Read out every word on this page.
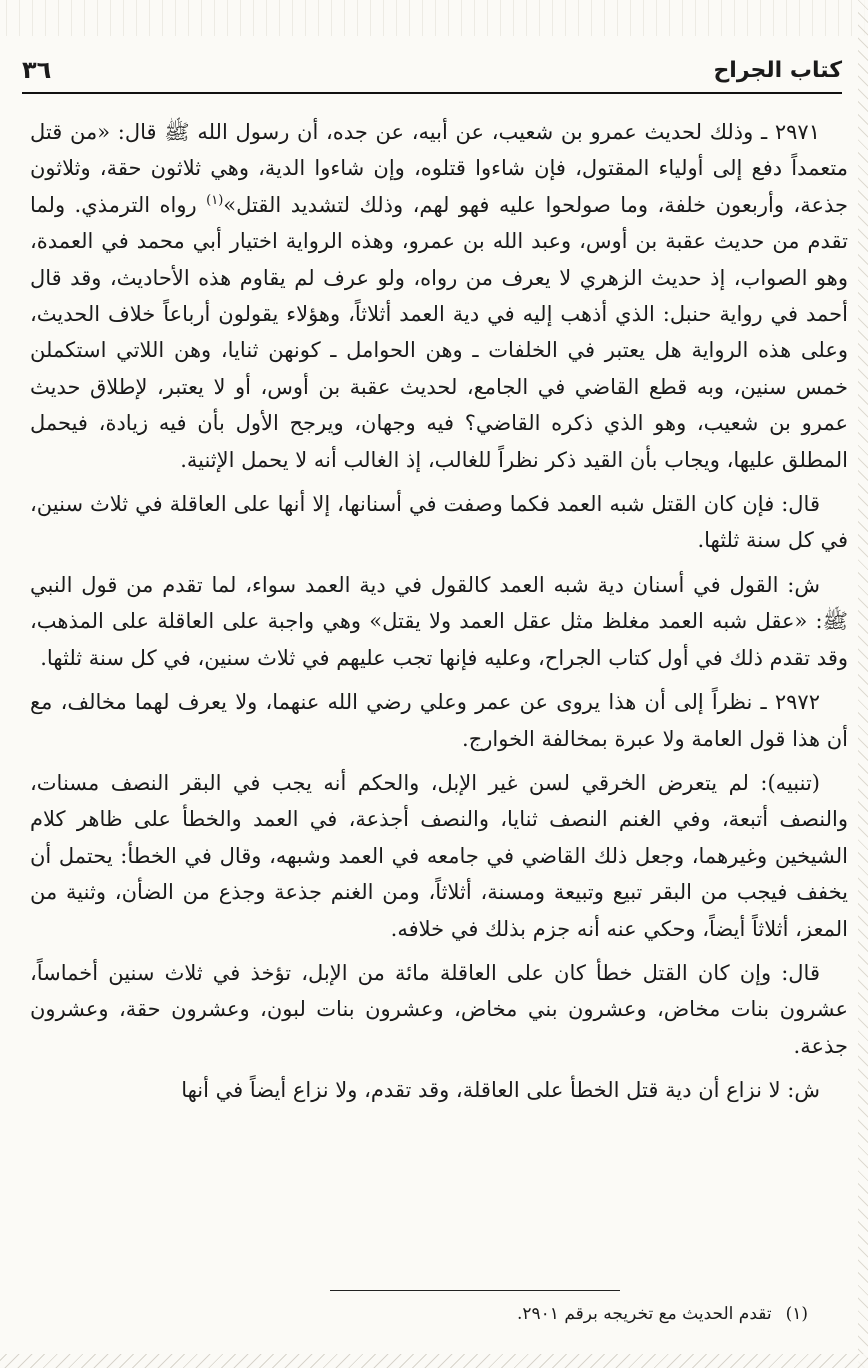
كتاب الجراح
٣٦

٢٩٧١ ـ وذلك لحديث عمرو بن شعيب، عن أبيه، عن جده، أن رسول الله ﷺ قال: «من قتل متعمداً دفع إلى أولياء المقتول، فإن شاءوا قتلوه، وإن شاءوا الدية، وهي ثلاثون حقة، وثلاثون جذعة، وأربعون خلفة، وما صولحوا عليه فهو لهم، وذلك لتشديد القتل»$^{(١)}$ رواه الترمذي. ولما تقدم من حديث عقبة بن أوس، وعبد الله بن عمرو، وهذه الرواية اختيار أبي محمد في العمدة، وهو الصواب، إذ حديث الزهري لا يعرف من رواه، ولو عرف لم يقاوم هذه الأحاديث، وقد قال أحمد في رواية حنبل: الذي أذهب إليه في دية العمد أثلاثاً، وهؤلاء يقولون أرباعاً خلاف الحديث، وعلى هذه الرواية هل يعتبر في الخلفات ـ وهن الحوامل ـ كونهن ثنايا، وهن اللاتي استكملن خمس سنين، وبه قطع القاضي في الجامع، لحديث عقبة بن أوس، أو لا يعتبر، لإطلاق حديث عمرو بن شعيب، وهو الذي ذكره القاضي؟ فيه وجهان، ويرجح الأول بأن فيه زيادة، فيحمل المطلق عليها، ويجاب بأن القيد ذكر نظراً للغالب، إذ الغالب أنه لا يحمل الإثنية.

قال: فإن كان القتل شبه العمد فكما وصفت في أسنانها، إلا أنها على العاقلة في ثلاث سنين، في كل سنة ثلثها.

ش: القول في أسنان دية شبه العمد كالقول في دية العمد سواء، لما تقدم من قول النبي ﷺ: «عقل شبه العمد مغلظ مثل عقل العمد ولا يقتل» وهي واجبة على العاقلة على المذهب، وقد تقدم ذلك في أول كتاب الجراح، وعليه فإنها تجب عليهم في ثلاث سنين، في كل سنة ثلثها.

٢٩٧٢ ـ نظراً إلى أن هذا يروى عن عمر وعلي رضي الله عنهما، ولا يعرف لهما مخالف، مع أن هذا قول العامة ولا عبرة بمخالفة الخوارج.

(تنبيه): لم يتعرض الخرقي لسن غير الإبل، والحكم أنه يجب في البقر النصف مسنات، والنصف أتبعة، وفي الغنم النصف ثنايا، والنصف أجذعة، في العمد والخطأ على ظاهر كلام الشيخين وغيرهما، وجعل ذلك القاضي في جامعه في العمد وشبهه، وقال في الخطأ: يحتمل أن يخفف فيجب من البقر تبيع وتبيعة ومسنة، أثلاثاً، ومن الغنم جذعة وجذع من الضأن، وثنية من المعز، أثلاثاً أيضاً، وحكي عنه أنه جزم بذلك في خلافه.

قال: وإن كان القتل خطأ كان على العاقلة مائة من الإبل، تؤخذ في ثلاث سنين أخماساً، عشرون بنات مخاض، وعشرون بني مخاض، وعشرون بنات لبون، وعشرون حقة، وعشرون جذعة.

ش: لا نزاع أن دية قتل الخطأ على العاقلة، وقد تقدم، ولا نزاع أيضاً في أنها

(١)تقدم الحديث مع تخريجه برقم ٢٩٠١.
